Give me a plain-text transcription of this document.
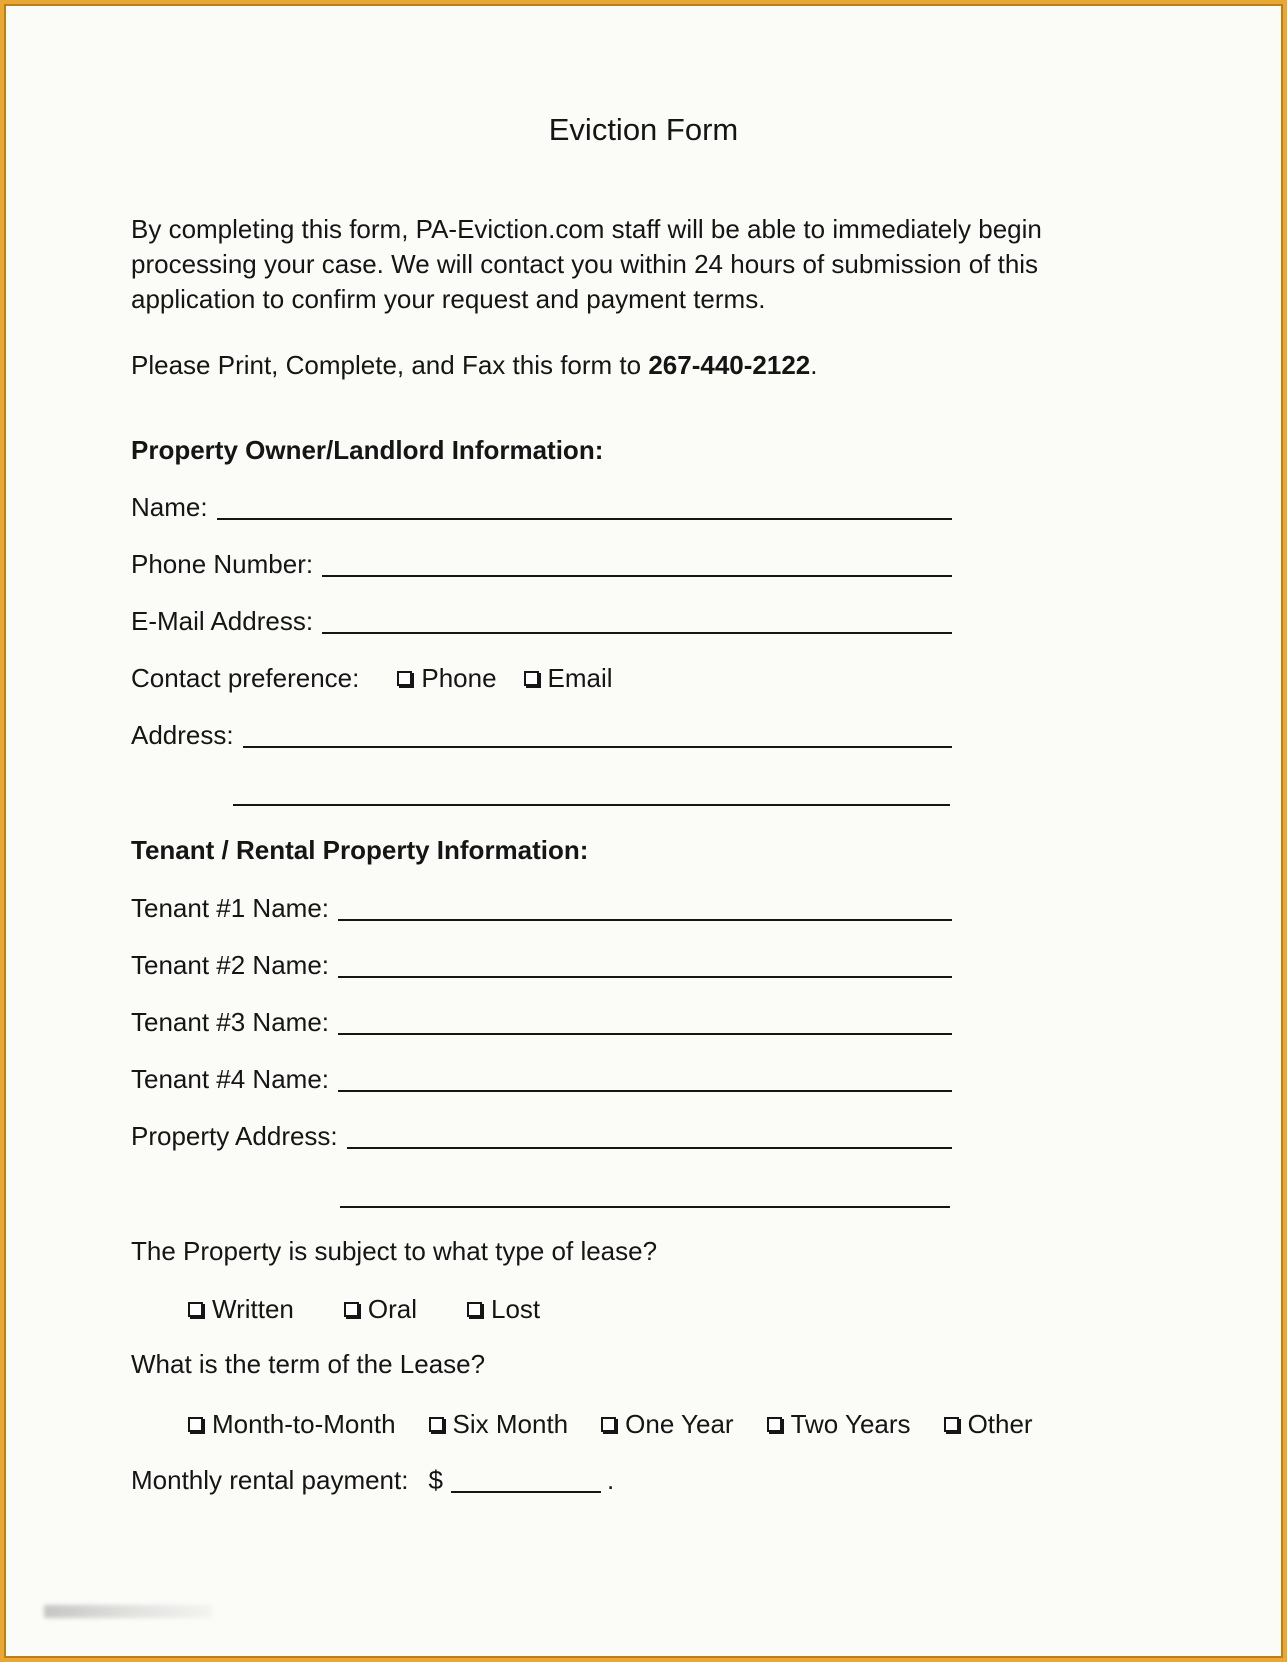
Eviction Form
By completing this form, PA-Eviction.com staff will be able to immediately begin
processing your case. We will contact you within 24 hours of submission of this
application to confirm your request and payment terms.
Please Print, Complete, and Fax this form to 267-440-2122.
Property Owner/Landlord Information:
Name:
Phone Number:
E-Mail Address:
Contact preference: Phone Email
Address:
Tenant / Rental Property Information:
Tenant #1 Name:
Tenant #2 Name:
Tenant #3 Name:
Tenant #4 Name:
Property Address:
The Property is subject to what type of lease?
Written	Oral	Lost
What is the term of the Lease?
Month-to-Month Six Month One Year Two Years Other
Monthly rental payment: $	.
